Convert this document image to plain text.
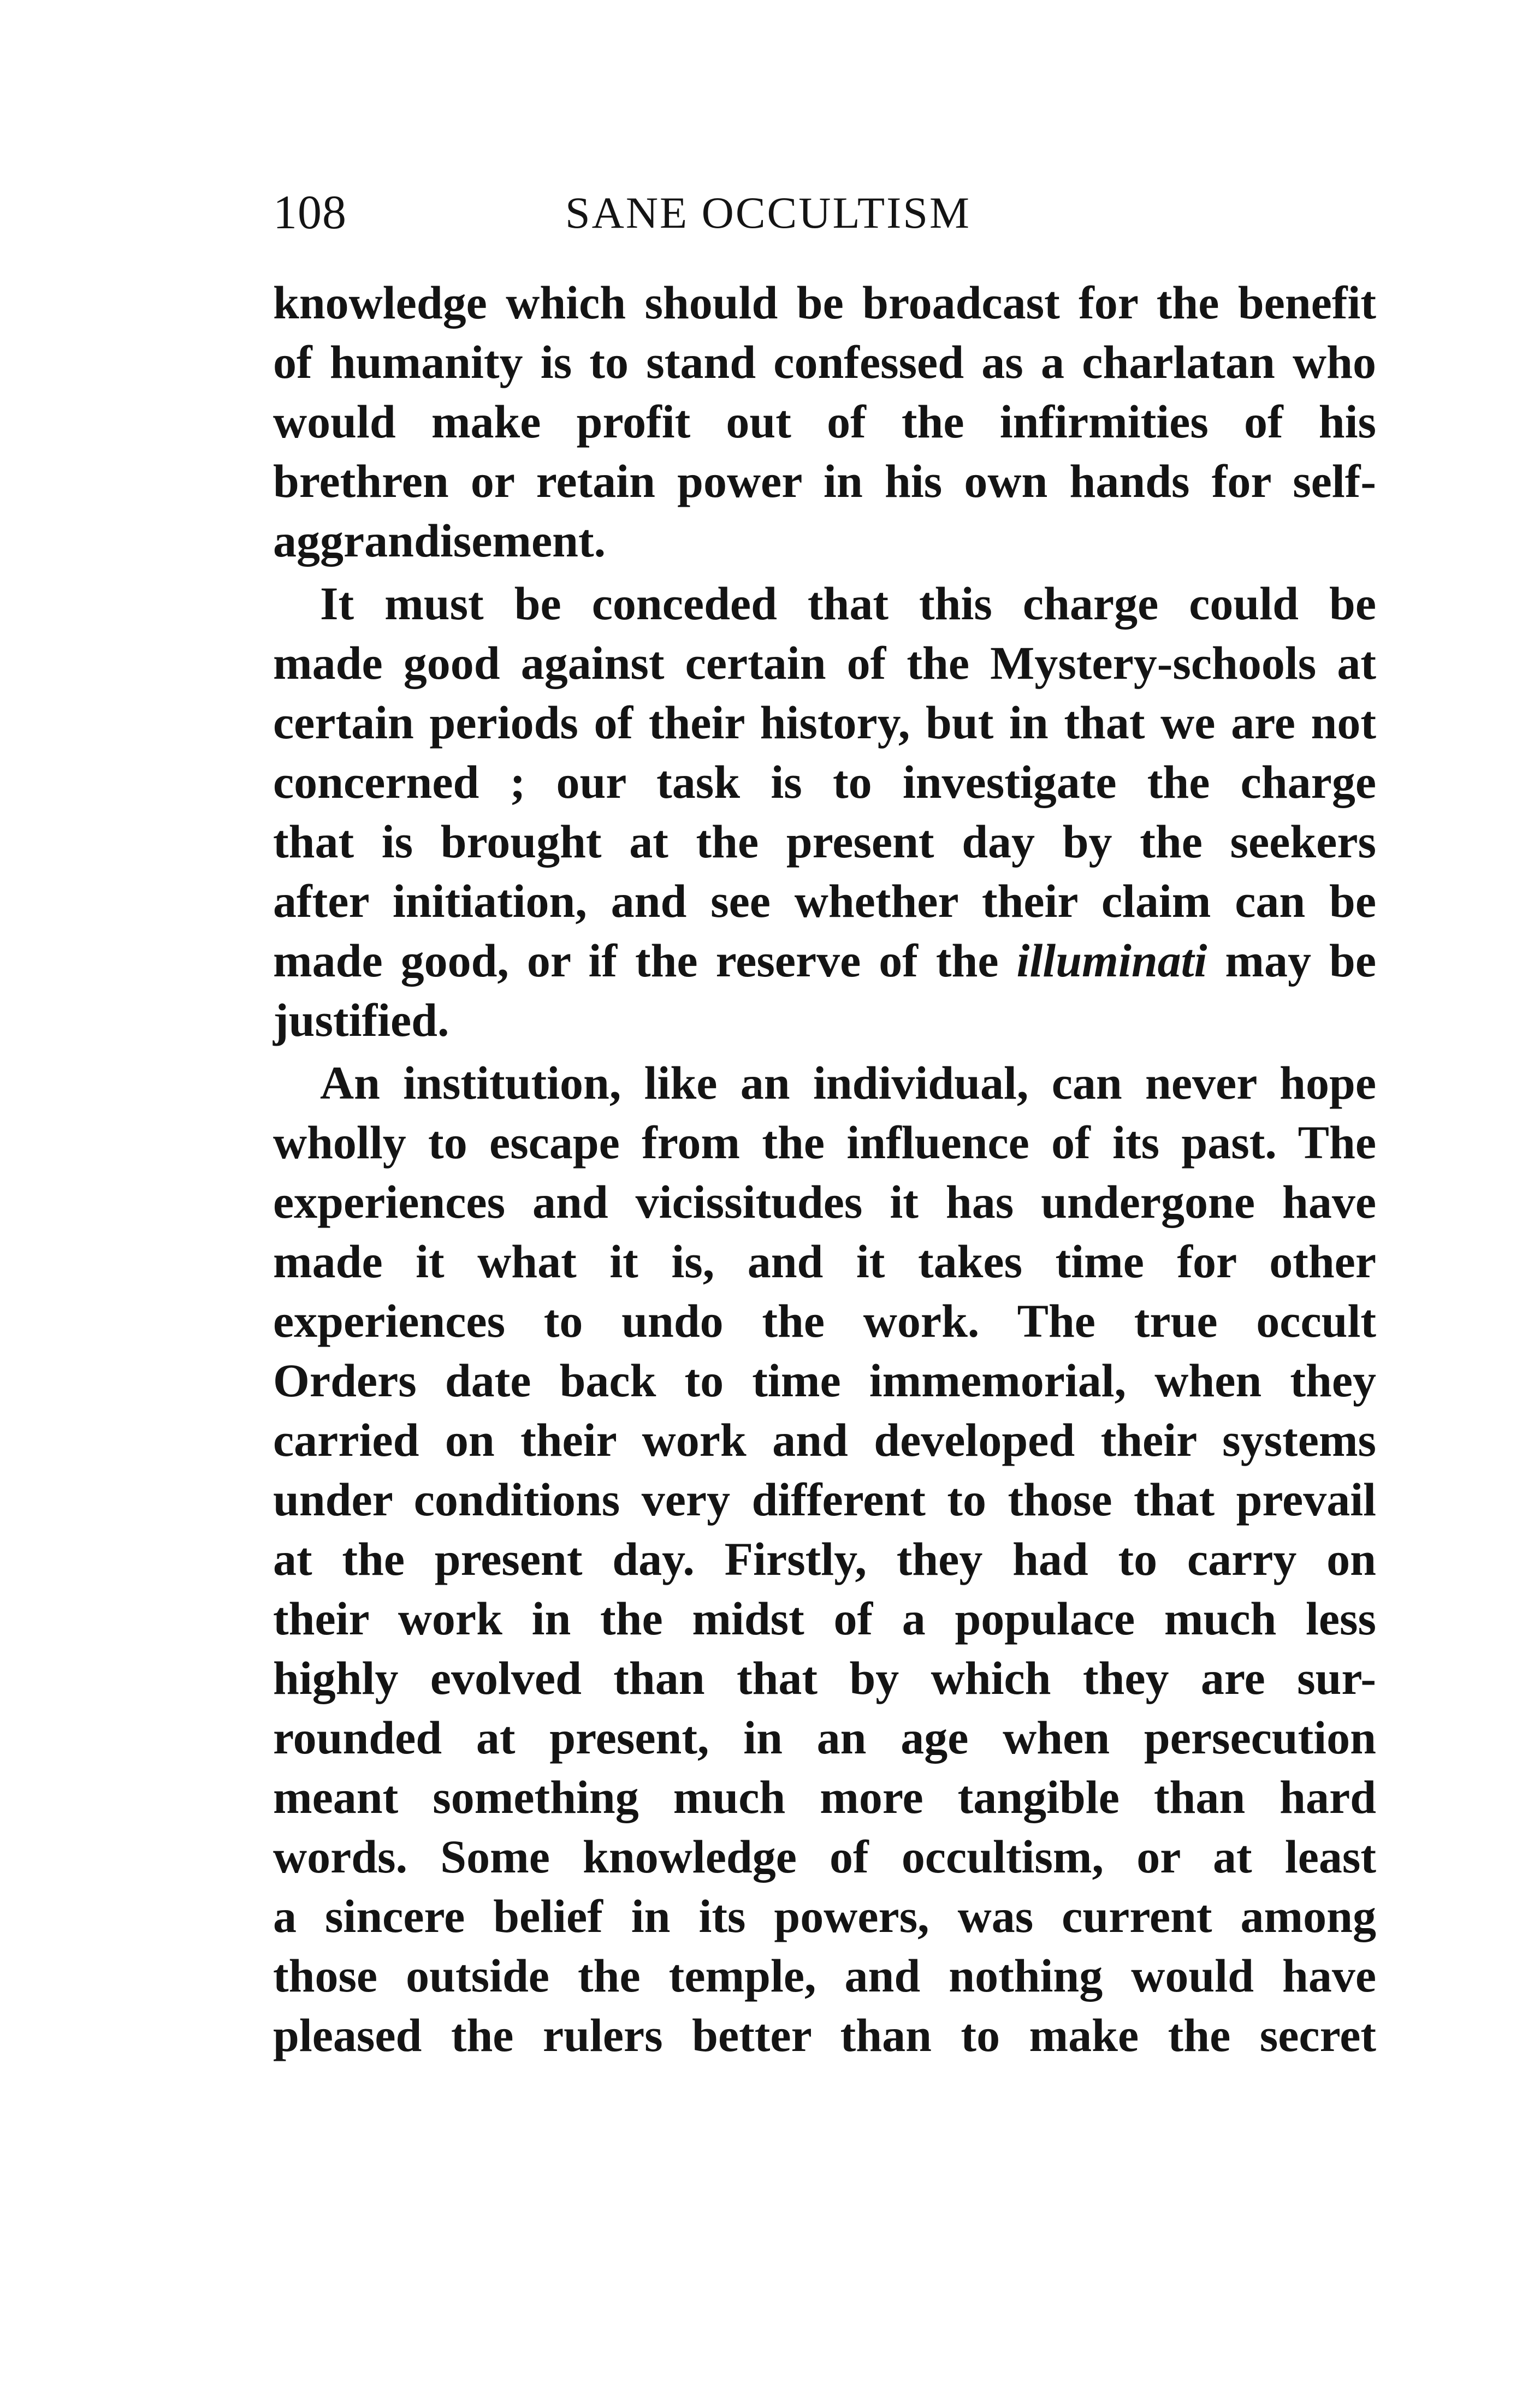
108	SANE OCCULTISM
knowledge which should be broadcast for the benefit
of humanity is to stand confessed as a charlatan who
would make profit out of the infirmities of his
brethren or retain power in his own hands for self-
aggrandisement.
It must be conceded that this charge could be
made good against certain of the Mystery-schools at
certain periods of their history, but in that we are not
concerned ; our task is to investigate the charge
that is brought at the present day by the seekers
after initiation, and see whether their claim can be
made good, or if the reserve of the illuminati may be
justified.
An institution, like an individual, can never hope
wholly to escape from the influence of its past. The
experiences and vicissitudes it has undergone have
made it what it is, and it takes time for other
experiences to undo the work. The true occult
Orders date back to time immemorial, when they
carried on their work and developed their systems
under conditions very different to those that prevail
at the present day. Firstly, they had to carry on
their work in the midst of a populace much less
highly evolved than that by which they are sur-
rounded at present, in an age when persecution
meant something much more tangible than hard
words. Some knowledge of occultism, or at least
a sincere belief in its powers, was current among
those outside the temple, and nothing would have
pleased the rulers better than to make the secret
